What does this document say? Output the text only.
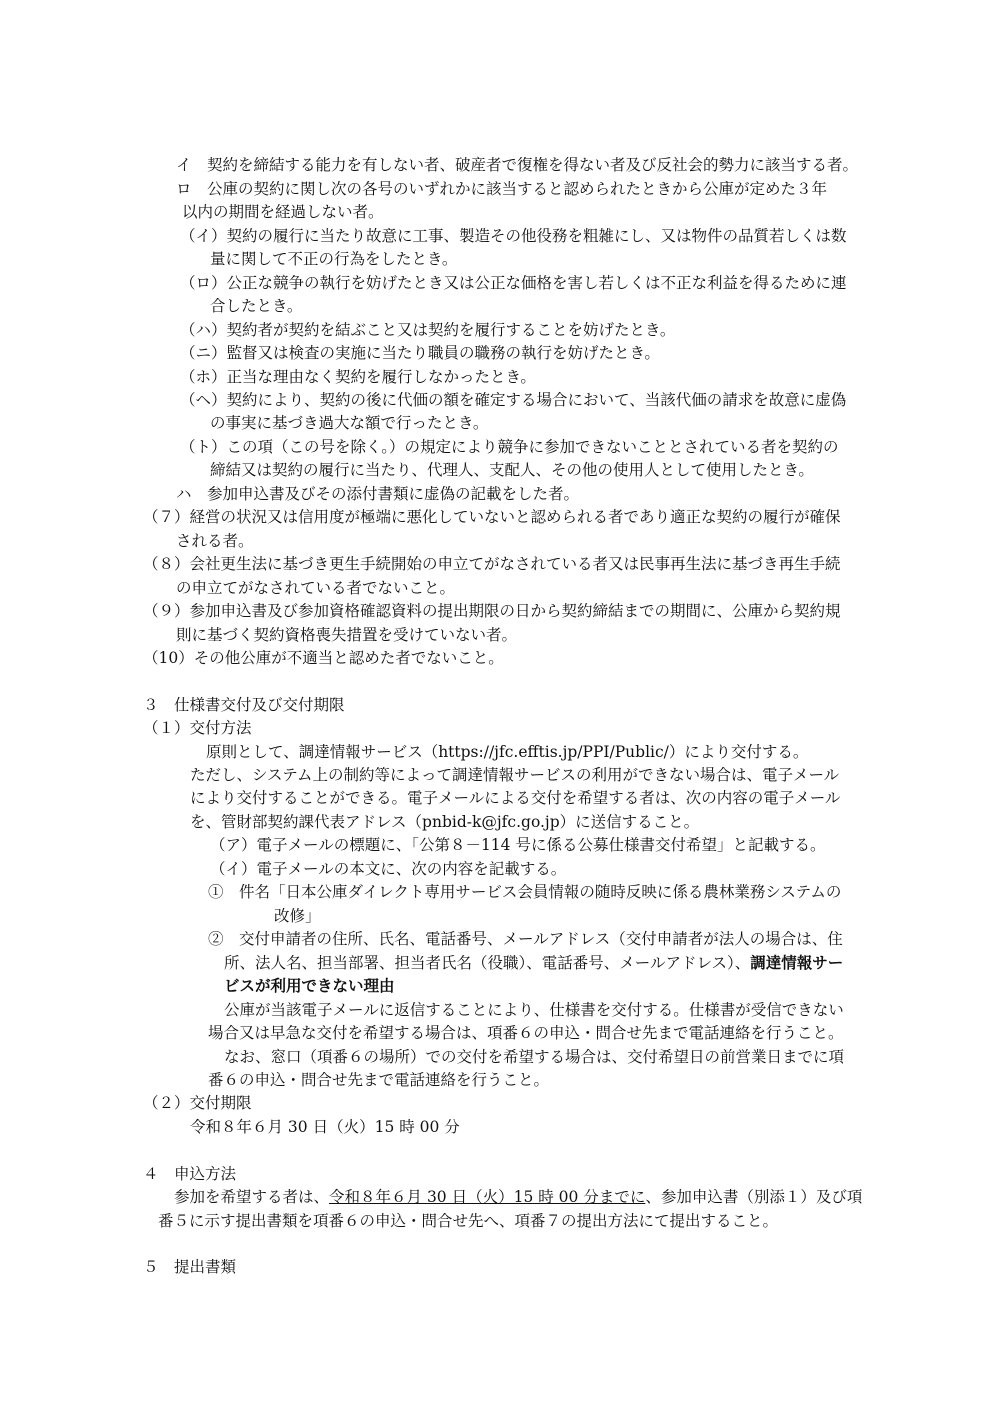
イ　契約を締結する能力を有しない者、破産者で復権を得ない者及び反社会的勢力に該当する者。
ロ　公庫の契約に関し次の各号のいずれかに該当すると認められたときから公庫が定めた３年
以内の期間を経過しない者。
（イ）契約の履行に当たり故意に工事、製造その他役務を粗雑にし、又は物件の品質若しくは数
量に関して不正の行為をしたとき。
（ロ）公正な競争の執行を妨げたとき又は公正な価格を害し若しくは不正な利益を得るために連
合したとき。
（ハ）契約者が契約を結ぶこと又は契約を履行することを妨げたとき。
（ニ）監督又は検査の実施に当たり職員の職務の執行を妨げたとき。
（ホ）正当な理由なく契約を履行しなかったとき。
（ヘ）契約により、契約の後に代価の額を確定する場合において、当該代価の請求を故意に虚偽
の事実に基づき過大な額で行ったとき。
（ト）この項（この号を除く。）の規定により競争に参加できないこととされている者を契約の
締結又は契約の履行に当たり、代理人、支配人、その他の使用人として使用したとき。
ハ　参加申込書及びその添付書類に虚偽の記載をした者。
（７）経営の状況又は信用度が極端に悪化していないと認められる者であり適正な契約の履行が確保
される者。
（８）会社更生法に基づき更生手続開始の申立てがなされている者又は民事再生法に基づき再生手続
の申立てがなされている者でないこと。
（９）参加申込書及び参加資格確認資料の提出期限の日から契約締結までの期間に、公庫から契約規
則に基づく契約資格喪失措置を受けていない者。
（10）その他公庫が不適当と認めた者でないこと。
３　仕様書交付及び交付期限
（１）交付方法
原則として、調達情報サービス（https://jfc.efftis.jp/PPI/Public/）により交付する。
ただし、システム上の制約等によって調達情報サービスの利用ができない場合は、電子メール
により交付することができる。電子メールによる交付を希望する者は、次の内容の電子メール
を、管財部契約課代表アドレス（pnbid-k@jfc.go.jp）に送信すること。
（ア）電子メールの標題に、「公第８－114 号に係る公募仕様書交付希望」と記載する。
（イ）電子メールの本文に、次の内容を記載する。
①　件名「日本公庫ダイレクト専用サービス会員情報の随時反映に係る農林業務システムの
改修」
②　交付申請者の住所、氏名、電話番号、メールアドレス（交付申請者が法人の場合は、住
所、法人名、担当部署、担当者氏名（役職）、電話番号、メールアドレス）、調達情報サー
ビスが利用できない理由
公庫が当該電子メールに返信することにより、仕様書を交付する。仕様書が受信できない
場合又は早急な交付を希望する場合は、項番６の申込・問合せ先まで電話連絡を行うこと。
なお、窓口（項番６の場所）での交付を希望する場合は、交付希望日の前営業日までに項
番６の申込・問合せ先まで電話連絡を行うこと。
（２）交付期限
令和８年６月 30 日（火）15 時 00 分
４　申込方法
参加を希望する者は、令和８年６月 30 日（火）15 時 00 分までに、参加申込書（別添１）及び項
番５に示す提出書類を項番６の申込・問合せ先へ、項番７の提出方法にて提出すること。
５　提出書類
